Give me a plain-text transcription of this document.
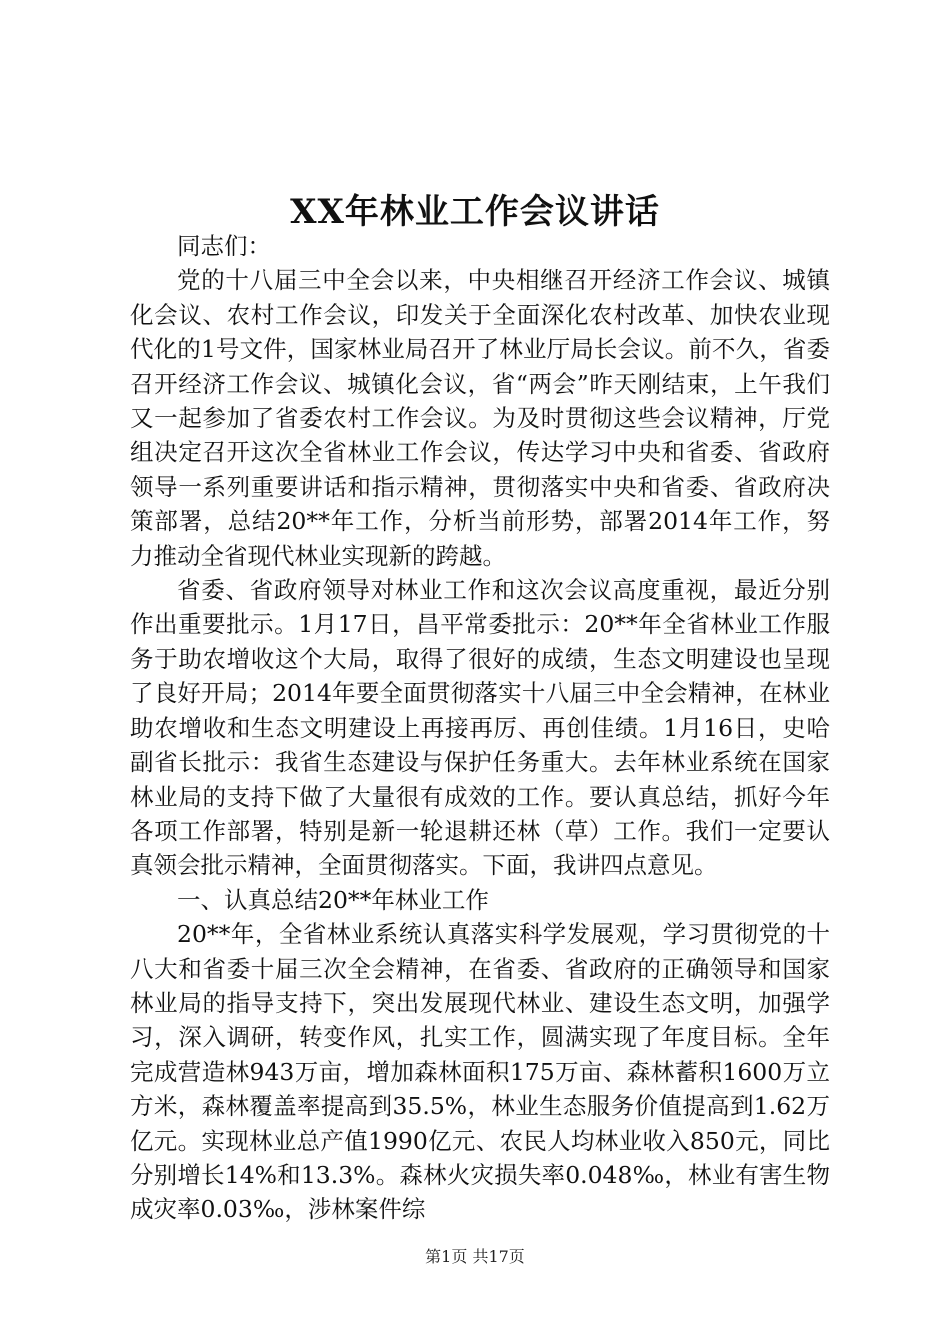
XX年林业工作会议讲话

同志们：

党的十八届三中全会以来，中央相继召开经济工作会议、城镇化会议、农村工作会议，印发关于全面深化农村改革、加快农业现代化的1号文件，国家林业局召开了林业厅局长会议。前不久，省委召开经济工作会议、城镇化会议，省“两会”昨天刚结束，上午我们又一起参加了省委农村工作会议。为及时贯彻这些会议精神，厅党组决定召开这次全省林业工作会议，传达学习中央和省委、省政府领导一系列重要讲话和指示精神，贯彻落实中央和省委、省政府决策部署，总结20**年工作，分析当前形势，部署2014年工作，努力推动全省现代林业实现新的跨越。

省委、省政府领导对林业工作和这次会议高度重视，最近分别作出重要批示。1月17日，昌平常委批示：20**年全省林业工作服务于助农增收这个大局，取得了很好的成绩，生态文明建设也呈现了良好开局；2014年要全面贯彻落实十八届三中全会精神，在林业助农增收和生态文明建设上再接再厉、再创佳绩。1月16日，史哈副省长批示：我省生态建设与保护任务重大。去年林业系统在国家林业局的支持下做了大量很有成效的工作。要认真总结，抓好今年各项工作部署，特别是新一轮退耕还林（草）工作。我们一定要认真领会批示精神，全面贯彻落实。下面，我讲四点意见。

一、认真总结20**年林业工作

20**年，全省林业系统认真落实科学发展观，学习贯彻党的十八大和省委十届三次全会精神，在省委、省政府的正确领导和国家林业局的指导支持下，突出发展现代林业、建设生态文明，加强学习，深入调研，转变作风，扎实工作，圆满实现了年度目标。全年完成营造林943万亩，增加森林面积175万亩、森林蓄积1600万立方米，森林覆盖率提高到35.5%，林业生态服务价值提高到1.62万亿元。实现林业总产值1990亿元、农民人均林业收入850元，同比分别增长14%和13.3%。森林火灾损失率0.048‰，林业有害生物成灾率0.03‰，涉林案件综

第1页 共17页
